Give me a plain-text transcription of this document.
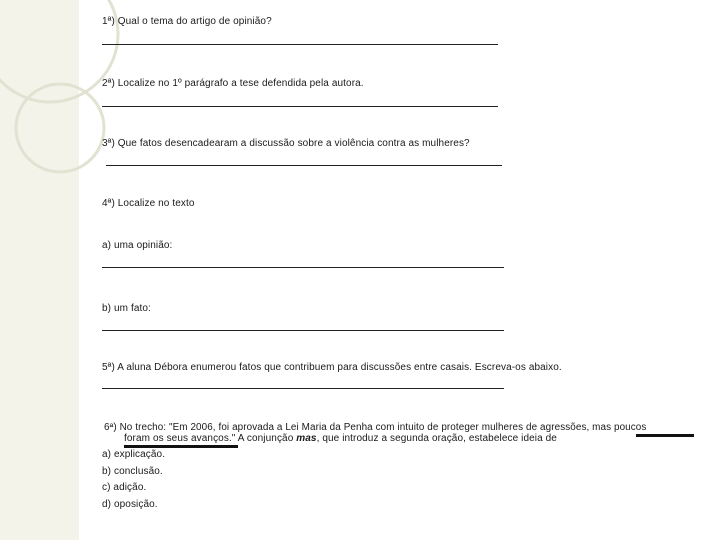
1ª) Qual o tema do artigo de opinião?
2ª) Localize no 1º parágrafo a tese defendida pela autora.
3ª) Que fatos desencadearam a discussão sobre a violência contra as mulheres?
4ª) Localize no texto
a) uma opinião:
b) um fato:
5ª) A aluna Débora enumerou fatos que contribuem para discussões entre casais. Escreva-os abaixo.
6ª) No trecho: "Em 2006, foi aprovada a Lei Maria da Penha com intuito de proteger mulheres de agressões, mas poucos
foram os seus avanços." A conjunção mas, que introduz a segunda oração, estabelece ideia de
a) explicação.
b) conclusão.
c) adição.
d) oposição.
